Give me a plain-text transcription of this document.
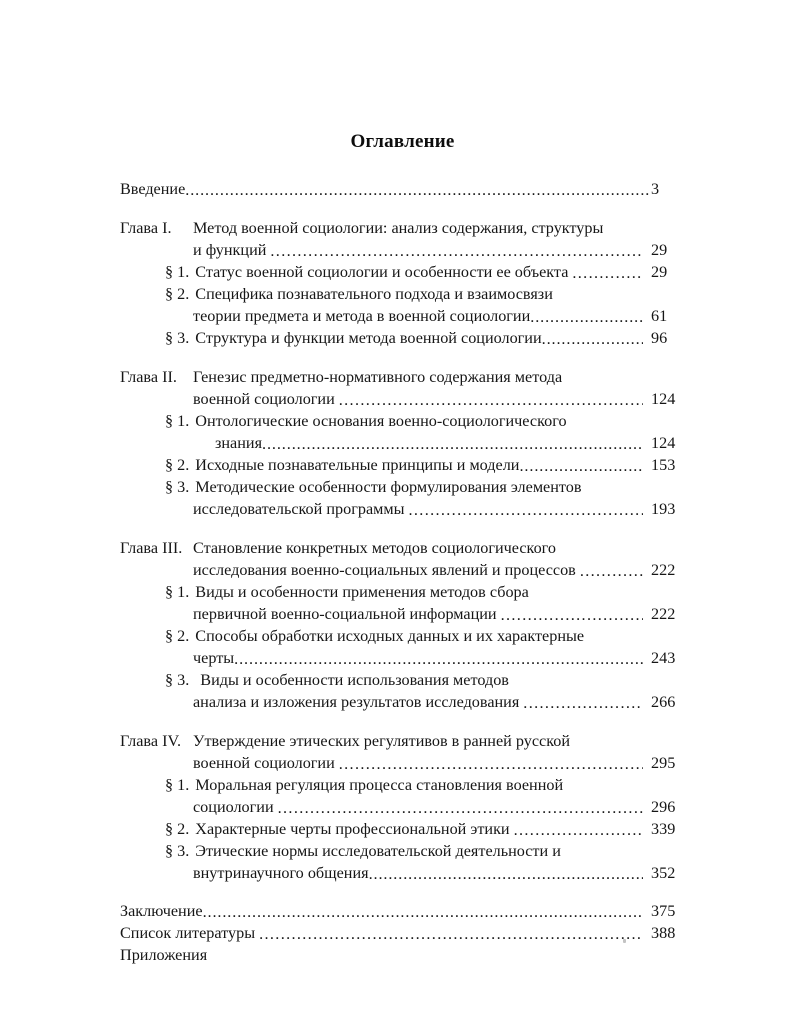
Оглавление
Введение .....	3
Глава I.	Метод военной социологии: анализ содержания, структуры
и функций .....	29
§ 1. Статус военной социологии и особенности ее объекта .....	29
§ 2. Специфика познавательного подхода и взаимосвязи
теории предмета и метода в военной социологии .....	61
§ 3. Структура и функции метода военной социологии .....	96
Глава II. Генезис предметно-нормативного содержания метода
военной социологии .....	124
§ 1. Онтологические основания военно-социологического
знания .....	124
§ 2. Исходные познавательные принципы и модели .....	153
§ 3. Методические особенности формулирования элементов
исследовательской программы .....	193
Глава III. Становление конкретных методов социологического
исследования военно-социальных явлений и процессов .....	222
§ 1. Виды и особенности применения методов сбора
первичной военно-социальной информации .....	222
§ 2. Способы обработки исходных данных и их характерные
черты .....	243
§ 3. Виды и особенности использования методов
анализа и изложения результатов исследования .....	266
Глава IV. Утверждение этических регулятивов в ранней русской
военной социологии .....	295
§ 1. Моральная регуляция процесса становления военной
социологии .....	296
§ 2. Характерные черты профессиональной этики .....	339
§ 3. Этические нормы исследовательской деятельности и
внутринаучного общения .....	352
Заключение .....	375
Список литературы .....	388
Приложения
